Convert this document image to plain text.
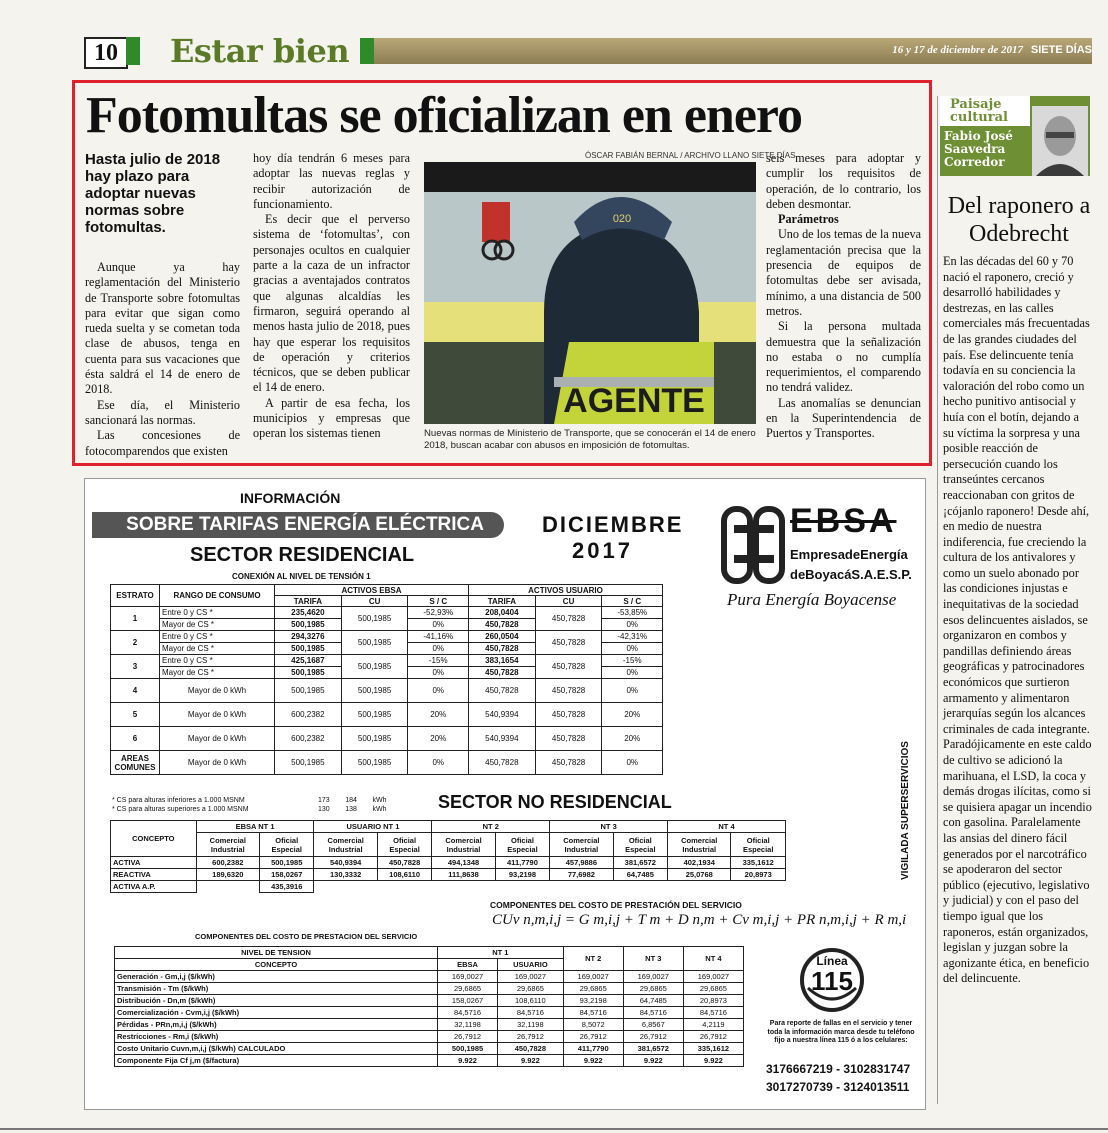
10	Estar bien	16 y 17 de diciembre de 2017 SIETE DÍAS
Fotomultas se oficializan en enero
Hasta julio de 2018 hay plazo para adoptar nuevas normas sobre fotomultas.

Aunque ya hay reglamentación del Ministerio de Transporte sobre fotomultas para evitar que sigan como rueda suelta y se cometan toda clase de abusos, tenga en cuenta para sus vacaciones que ésta saldrá el 14 de enero de 2018.

Ese día, el Ministerio sancionará las normas.

Las concesiones de fotocomparendos que existen

hoy día tendrán 6 meses para adoptar las nuevas reglas y recibir autorización de funcionamiento.

Es decir que el perverso sistema de ‘fotomultas’, con personajes ocultos en cualquier parte a la caza de un infractor gracias a aventajados contratos que algunas alcaldías les firmaron, seguirá operando al menos hasta julio de 2018, pues hay que esperar los requisitos de operación y criterios técnicos, que se deben publicar el 14 de enero.

A partir de esa fecha, los municipios y empresas que operan los sistemas tienen

seis meses para adoptar y cumplir los requisitos de operación, de lo contrario, los deben desmontar.

Parámetros

Uno de los temas de la nueva reglamentación precisa que la presencia de equipos de fotomultas debe ser avisada, mínimo, a una distancia de 500 metros.

Si la persona multada demuestra que la señalización no estaba o no cumplía requerimientos, el comparendo no tendrá validez.

Las anomalías se denuncian en la Superintendencia de Puertos y Transportes.

ÓSCAR FABIÁN BERNAL / ARCHIVO LLANO SIETE DÍAS
AGENTE
020
Nuevas normas de Ministerio de Transporte, que se conocerán el 14 de enero 2018, buscan acabar con abusos en imposición de fotomultas.
Paisaje cultural
Fabio José Saavedra Corredor
Del raponero a Odebrecht
En las décadas del 60 y 70 nació el raponero, creció y desarrolló habilidades y destrezas, en las calles comerciales más frecuentadas de las grandes ciudades del país. Ese delincuente tenía todavía en su conciencia la valoración del robo como un hecho punitivo antisocial y huía con el botín, dejando a su víctima la sorpresa y una posible reacción de persecución cuando los transeúntes cercanos reaccionaban con gritos de ¡cójanlo raponero! Desde ahí, en medio de nuestra indiferencia, fue creciendo la cultura de los antivalores y como un suelo abonado por las condiciones injustas e inequitativas de la sociedad esos delincuentes aislados, se organizaron en combos y pandillas definiendo áreas geográficas y patrocinadores económicos que surtieron armamento y alimentaron jerarquías según los alcances criminales de cada integrante. Paradójicamente en este caldo de cultivo se adicionó la marihuana, el LSD, la coca y demás drogas ilícitas, como si se quisiera apagar un incendio con gasolina. Paralelamente las ansias del dinero fácil generados por el narcotráfico se apoderaron del sector público (ejecutivo, legislativo y judicial) y con el paso del tiempo igual que los raponeros, están organizados, legislan y juzgan sobre la agonizante ética, en beneficio del delincuente.
INFORMACIÓN
SOBRE TARIFAS ENERGÍA ELÉCTRICA	DICIEMBRE
2017
SECTOR RESIDENCIAL
CONEXIÓN AL NIVEL DE TENSIÓN 1
EBSA
EmpresadeEnergía
deBoyacáS.A.E.S.P.
Pura Energía Boyacense
ESTRATO	RANGO DE CONSUMO	ACTIVOS EBSA			ACTIVOS USUARIO		
		TARIFA	CU	S / C	TARIFA	CU	S / C
1	Entre 0 y CS *	235,4620	500,1985	-52,93%	208,0404	450,7828	-53,85%
	Mayor de CS *	500,1985		0%	450,7828		0%
2	Entre 0 y CS *	294,3276	500,1985	-41,16%	260,0504	450,7828	-42,31%
	Mayor de CS *	500,1985		0%	450,7828		0%
3	Entre 0 y CS *	425,1687	500,1985	-15%	383,1654	450,7828	-15%
	Mayor de CS *	500,1985		0%	450,7828		0%
4	Mayor de 0 kWh	500,1985	500,1985	0%	450,7828	450,7828	0%
5	Mayor de 0 kWh	600,2382	500,1985	20%	540,9394	450,7828	20%
6	Mayor de 0 kWh	600,2382	500,1985	20%	540,9394	450,7828	20%
AREAS COMUNES	Mayor de 0 kWh	500,1985	500,1985	0%	450,7828	450,7828	0%
* CS para alturas inferiores a 1.000 MSNM
* CS para alturas superiores a 1.000 MSNM
173        184        kWh
130        138        kWh	SECTOR NO RESIDENCIAL
CONCEPTO	EBSA NT 1		USUARIO NT 1		NT 2		NT 3		NT 4	
	Comercial Industrial	Oficial Especial	Comercial Industrial	Oficial Especial	Comercial Industrial	Oficial Especial	Comercial Industrial	Oficial Especial	Comercial Industrial	Oficial Especial
ACTIVA	600,2382	500,1985	540,9394	450,7828	494,1348	411,7790	457,9886	381,6572	402,1934	335,1612
REACTIVA	189,6320	158,0267	130,3332	108,6110	111,8638	93,2198	77,6982	64,7485	25,0768	20,8973
ACTIVA A.P.		435,3916								
COMPONENTES DEL COSTO DE PRESTACIÓN DEL SERVICIO
CUv n,m,i,j = G m,i,j + T m + D n,m + Cv m,i,j + PR n,m,i,j + R m,i
COMPONENTES DEL COSTO DE PRESTACION DEL SERVICIO
NIVEL DE TENSION	NT 1		NT 2	NT 3	NT 4
CONCEPTO	EBSA	USUARIO			
Generación - Gm,i,j ($/kWh)	169,0027	169,0027	169,0027	169,0027	169,0027
Transmisión - Tm ($/kWh)	29,6865	29,6865	29,6865	29,6865	29,6865
Distribución - Dn,m ($/kWh)	158,0267	108,6110	93,2198	64,7485	20,8973
Comercialización - Cvm,i,j ($/kWh)	84,5716	84,5716	84,5716	84,5716	84,5716
Pérdidas - PRn,m,i,j ($/kWh)	32,1198	32,1198	8,5072	6,8567	4,2119
Restricciones - Rm,i ($/kWh)	26,7912	26,7912	26,7912	26,7912	26,7912
Costo Unitario Cuvn,m,i,j ($/kWh) CALCULADO	500,1985	450,7828	411,7790	381,6572	335,1612
Componente Fija Cf j,m ($/factura)	9.922	9.922	9.922	9.922	9.922
VIGILADA SUPERSERVICIOS
Línea
115
Para reporte de fallas en el servicio y tener toda la información marca desde tu teléfono fijo a nuestra línea 115 ó a los celulares:
3176667219 - 3102831747
3017270739 - 3124013511
